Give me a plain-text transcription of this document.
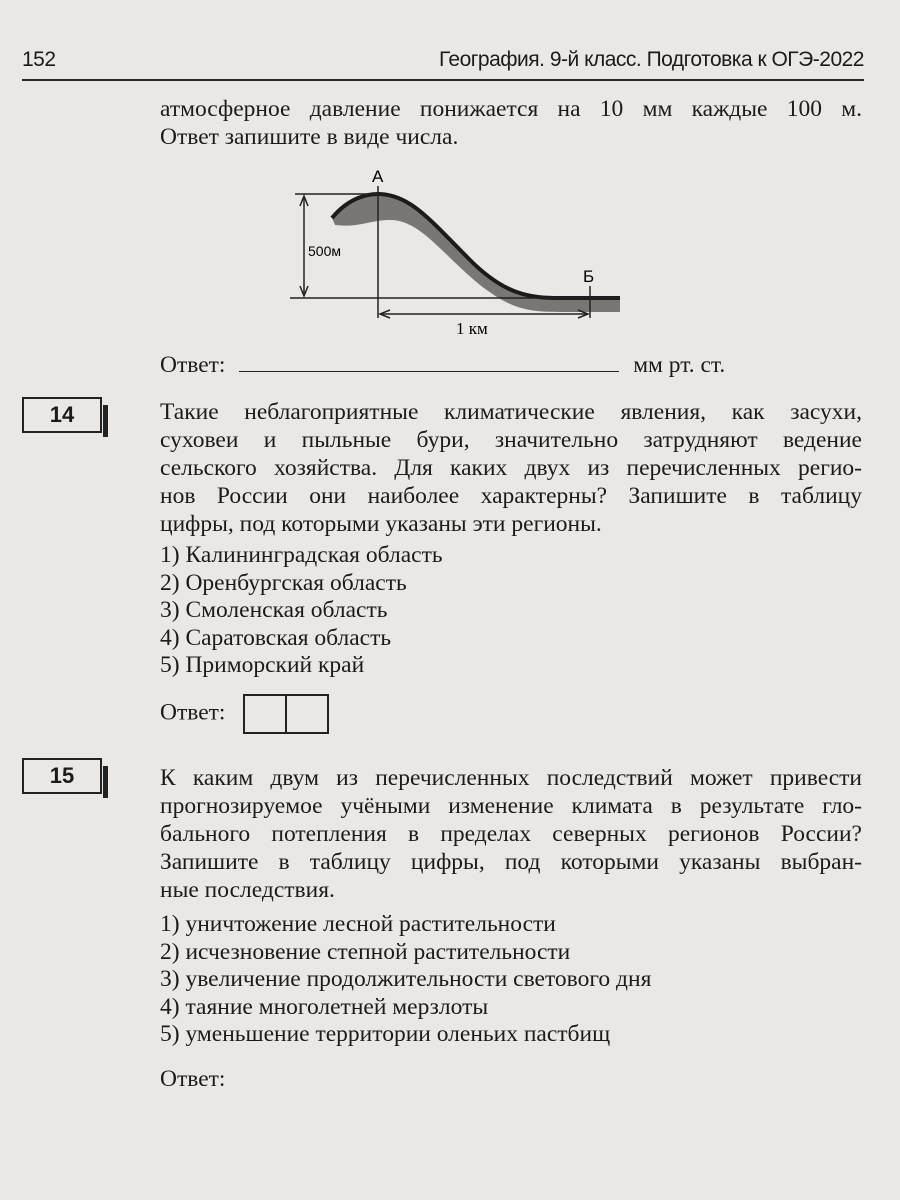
152	География. 9-й класс. Подготовка к ОГЭ-2022
атмосферное давление понижается на 10 мм каждые 100 м.
Ответ запишите в виде числа.
А
Б
500м
1 км
Ответ:	мм рт. ст.
14	Такие неблагоприятные климатические явления, как засухи,
суховеи и пыльные бури, значительно затрудняют ведение
сельского хозяйства. Для каких двух из перечисленных регио-
нов России они наиболее характерны? Запишите в таблицу
цифры, под которыми указаны эти регионы.
1) Калининградская область
2) Оренбургская область
3) Смоленская область
4) Саратовская область
5) Приморский край
Ответ:
15	К каким двум из перечисленных последствий может привести
прогнозируемое учёными изменение климата в результате гло-
бального потепления в пределах северных регионов России?
Запишите в таблицу цифры, под которыми указаны выбран-
ные последствия.
1) уничтожение лесной растительности
2) исчезновение степной растительности
3) увеличение продолжительности светового дня
4) таяние многолетней мерзлоты
5) уменьшение территории оленьих пастбищ
Ответ:
